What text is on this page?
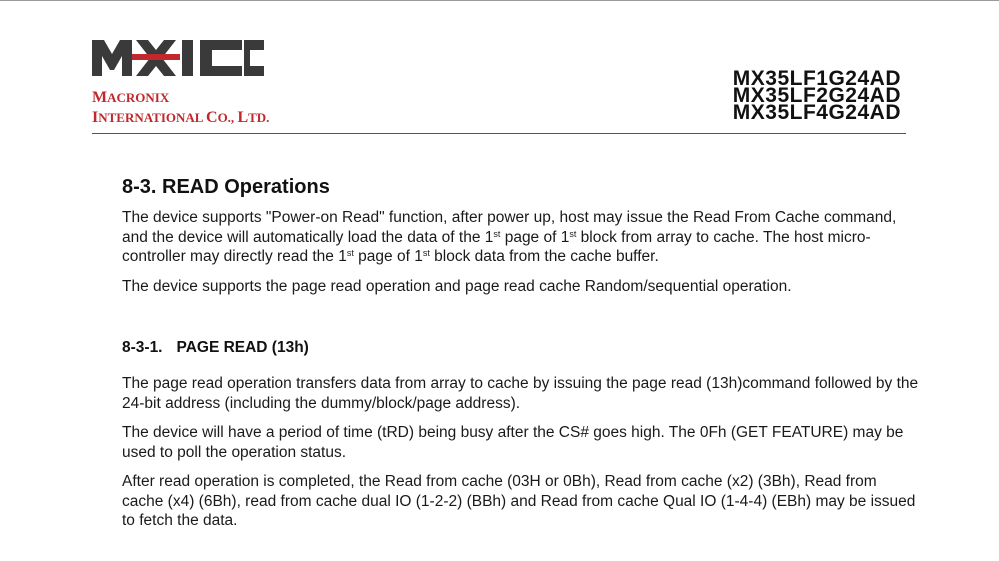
MACRONIX
INTERNATIONAL CO., LTD.
MX35LF1G24AD
MX35LF2G24AD
MX35LF4G24AD
8-3. READ Operations

The device supports "Power-on Read" function, after power up, host may issue the Read From Cache command, and the device will automatically load the data of the 1st page of 1st block from array to cache. The host micro-controller may directly read the 1st page of 1st block data from the cache buffer.

The device supports the page read operation and page read cache Random/sequential operation.

8-3-1. PAGE READ (13h)

The page read operation transfers data from array to cache by issuing the page read (13h)command followed by the 24-bit address (including the dummy/block/page address).

The device will have a period of time (tRD) being busy after the CS# goes high. The 0Fh (GET FEATURE) may be used to poll the operation status.

After read operation is completed, the Read from cache (03H or 0Bh), Read from cache (x2) (3Bh), Read from cache (x4) (6Bh), read from cache dual IO (1-2-2) (BBh) and Read from cache Qual IO (1-4-4) (EBh) may be issued to fetch the data.
